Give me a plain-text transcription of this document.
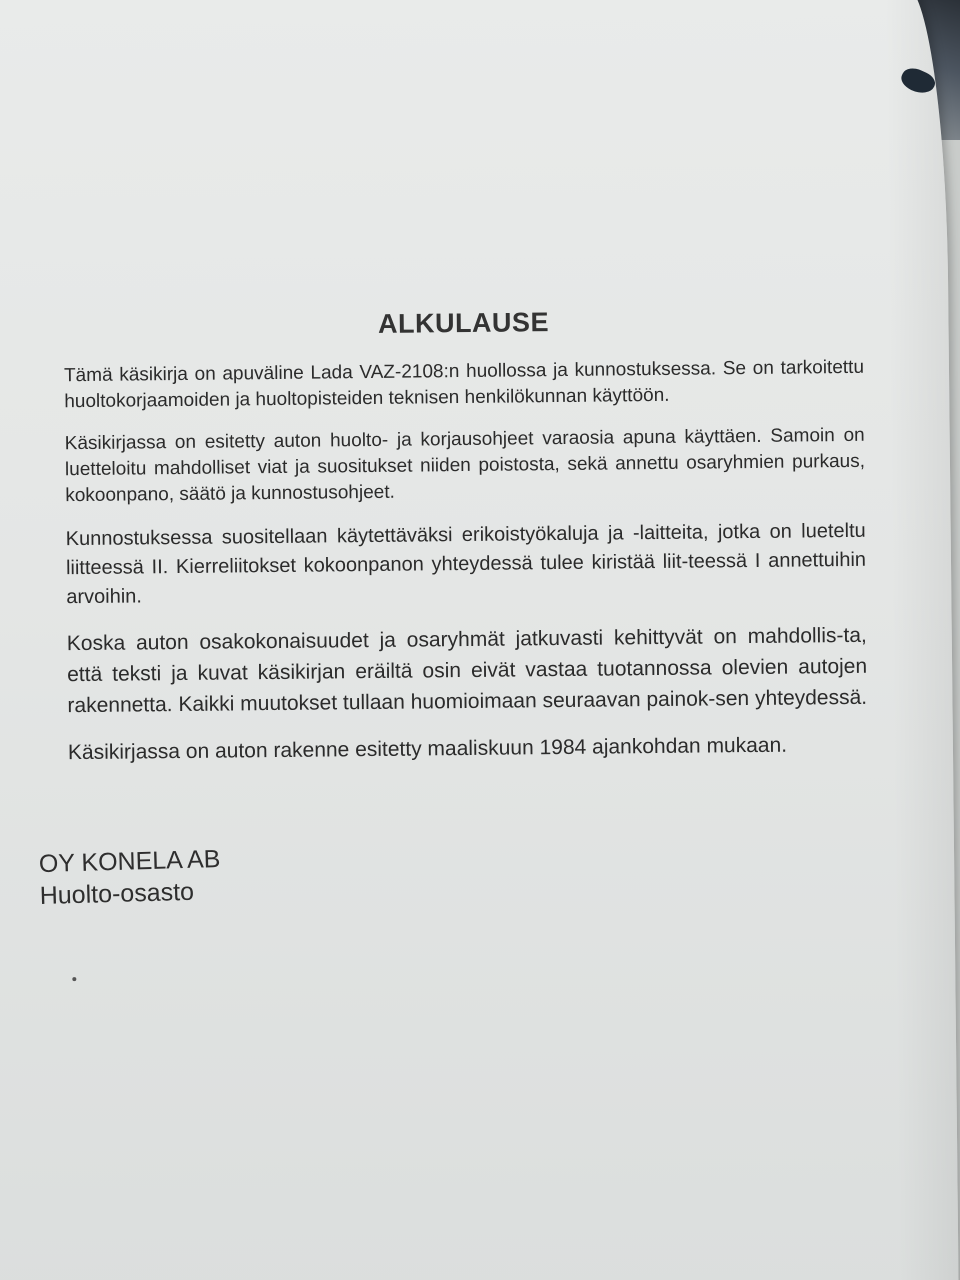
ALKULAUSE

Tämä käsikirja on apuväline Lada VAZ-2108:n huollossa ja kunnostuksessa. Se on tarkoitettu huoltokorjaamoiden ja huoltopisteiden teknisen henkilökunnan käyttöön.

Käsikirjassa on esitetty auton huolto- ja korjausohjeet varaosia apuna käyttäen. Samoin on luetteloitu mahdolliset viat ja suositukset niiden poistosta, sekä annettu osaryhmien purkaus, kokoonpano, säätö ja kunnostusohjeet.

Kunnostuksessa suositellaan käytettäväksi erikoistyökaluja ja -laitteita, jotka on lueteltu liitteessä II. Kierreliitokset kokoonpanon yhteydessä tulee kiristää liit-teessä I annettuihin arvoihin.

Koska auton osakokonaisuudet ja osaryhmät jatkuvasti kehittyvät on mahdollis-ta, että teksti ja kuvat käsikirjan eräiltä osin eivät vastaa tuotannossa olevien autojen rakennetta. Kaikki muutokset tullaan huomioimaan seuraavan painok-sen yhteydessä.

Käsikirjassa on auton rakenne esitetty maaliskuun 1984 ajankohdan mukaan.

OY KONELA AB
Huolto-osasto
